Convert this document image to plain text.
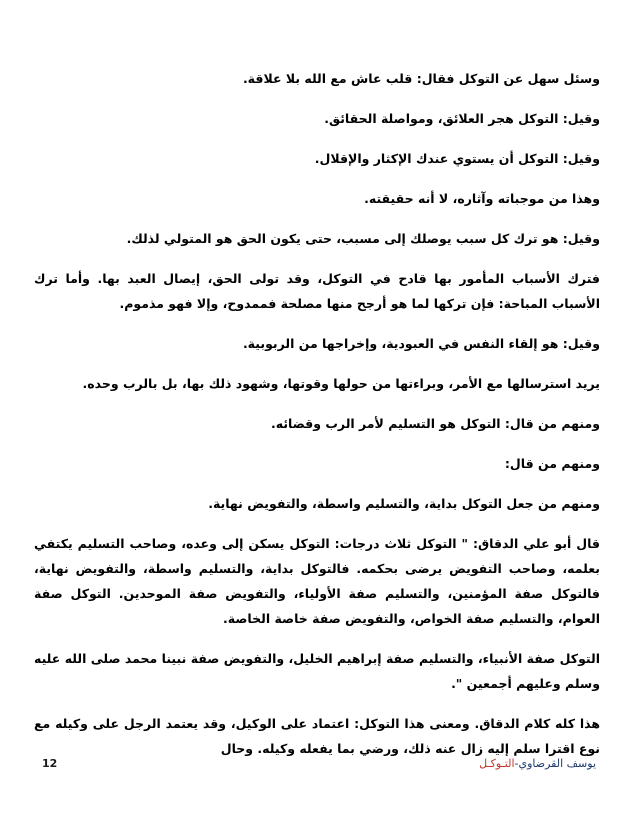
وسئل سهل عن التوكل فقال: قلب عاش مع الله بلا علاقة.

وقيل: التوكل هجر العلائق، ومواصلة الحقائق.

وقيل: التوكل أن يستوي عندك الإكثار والإقلال.

وهذا من موجباته وآثاره، لا أنه حقيقته.

وقيل: هو ترك كل سبب يوصلك إلى مسبب، حتى يكون الحق هو المتولي لذلك.

فترك الأسباب المأمور بها قادح في التوكل، وقد تولى الحق، إيصال العبد بها. وأما ترك الأسباب المباحة: فإن تركها لما هو أرجح منها مصلحة فممدوح، وإلا فهو مذموم.

وقيل: هو إلقاء النفس في العبودية، وإخراجها من الربوبية.

يريد استرسالها مع الأمر، وبراءتها من حولها وقوتها، وشهود ذلك بها، بل بالرب وحده.

ومنهم من قال: التوكل هو التسليم لأمر الرب وقضائه.

ومنهم من قال:

ومنهم من جعل التوكل بداية، والتسليم واسطة، والتفويض نهاية.

قال أبو علي الدقاق: " التوكل ثلاث درجات: التوكل يسكن إلى وعده، وصاحب التسليم يكتفي بعلمه، وصاحب التفويض يرضى بحكمه. فالتوكل بداية، والتسليم واسطة، والتفويض نهاية، فالتوكل صفة المؤمنين، والتسليم صفة الأولياء، والتفويض صفة الموحدين. التوكل صفة العوام، والتسليم صفة الخواص، والتفويض صفة خاصة الخاصة.

التوكل صفة الأنبياء، والتسليم صفة إبراهيم الخليل، والتفويض صفة نبينا محمد صلى الله عليه وسلم وعليهم أجمعين ".

هذا كله كلام الدقاق. ومعنى هذا التوكل: اعتماد على الوكيل، وقد يعتمد الرجل على وكيله مع نوع اقترا سلم إليه زال عنه ذلك، ورضي بما يفعله وكيله. وحال

12	يوسف القرضاوي-التـوكـل
